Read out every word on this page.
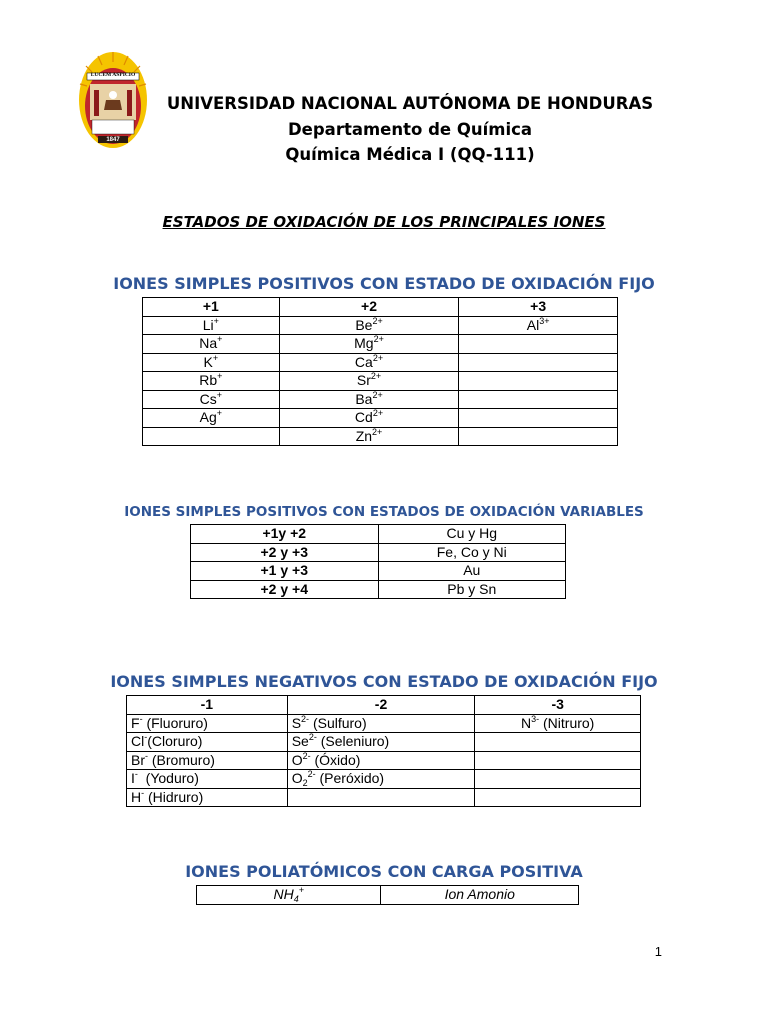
LUCEM ASPICIO
1847
UNIVERSIDAD NACIONAL AUTÓNOMA DE HONDURAS
Departamento de Química
Química Médica I (QQ-111)
ESTADOS DE OXIDACIÓN DE LOS PRINCIPALES IONES
IONES SIMPLES POSITIVOS CON ESTADO DE OXIDACIÓN FIJO
+1	+2	+3
Li+	$Be^{2+}$	$Al^{3+}$
Na+	$Mg^{2+}$	
K+	$Ca^{2+}$	
Rb+	$Sr^{2+}$	
Cs+	$Ba^{2+}$	
Ag+	$Cd^{2+}$	
	$Zn^{2+}$	
IONES SIMPLES POSITIVOS CON ESTADOS DE OXIDACIÓN VARIABLES
+1y +2	Cu y Hg
+2 y +3	Fe, Co y Ni
+1 y +3	Au
+2 y +4	Pb y Sn
IONES SIMPLES NEGATIVOS CON ESTADO DE OXIDACIÓN FIJO
-1	-2	-3
F- (Fluoruro)	$S^{2-}$ (Sulfuro)	$N^{3-}$ (Nitruro)
Cl-(Cloruro)	$Se^{2-}$ (Seleniuro)	
Br- (Bromuro)	$O^{2-}$ (Óxido)	
I-  (Yoduro)	$O_2^{2-}$ (Peróxido)	
H- (Hidruro)		
IONES POLIATÓMICOS CON CARGA POSITIVA
$NH_4^+$	Ion Amonio
1
